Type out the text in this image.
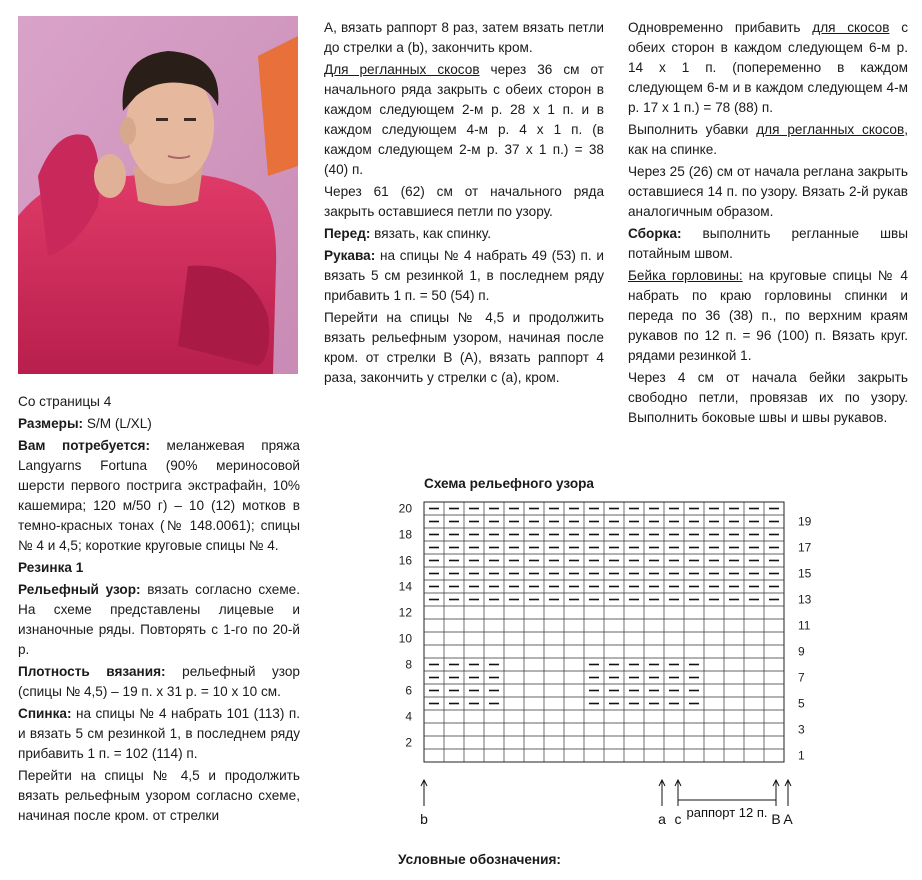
Со страницы 4

Размеры: S/M (L/XL)

Вам потребуется: меланжевая пряжа Langyarns Fortuna (90% мериносовой шерсти первого пострига экстрафайн, 10% кашемира; 120 м/50 г) – 10 (12) мотков в темно-красных тонах (№ 148.0061); спицы № 4 и 4,5; короткие круговые спицы № 4.

Резинка 1

Рельефный узор: вязать согласно схеме. На схеме представлены лицевые и изнаночные ряды. Повторять с 1-го по 20-й р.

Плотность вязания: рельефный узор (спицы № 4,5) – 19 п. х 31 р. = 10 х 10 см.

Спинка: на спицы № 4 набрать 101 (113) п. и вязать 5 см резинкой 1, в последнем ряду прибавить 1 п. = 102 (114) п.

Перейти на спицы № 4,5 и продолжить вязать рельефным узором согласно схеме, начиная после кром. от стрелки

А, вязать раппорт 8 раз, затем вязать петли до стрелки a (b), закончить кром.

Для регланных скосов через 36 см от начального ряда закрыть с обеих сторон в каждом следующем 2-м р. 28 х 1 п. и в каждом следующем 4-м р. 4 х 1 п. (в каждом следующем 2-м р. 37 х 1 п.) = 38 (40) п.

Через 61 (62) см от начального ряда закрыть оставшиеся петли по узору.

Перед: вязать, как спинку.

Рукава: на спицы № 4 набрать 49 (53) п. и вязать 5 см резинкой 1, в последнем ряду прибавить 1 п. = 50 (54) п.

Перейти на спицы № 4,5 и продолжить вязать рельефным узором, начиная после кром. от стрелки В (А), вязать раппорт 4 раза, закончить у стрелки с (а), кром.

Одновременно прибавить для скосов с обеих сторон в каждом следующем 6-м р. 14 х 1 п. (попеременно в каждом следующем 6-м и в каждом следующем 4-м р. 17 х 1 п.) = 78 (88) п.

Выполнить убавки для регланных скосов, как на спинке.

Через 25 (26) см от начала реглана закрыть оставшиеся 14 п. по узору. Вязать 2-й рукав аналогичным образом.

Сборка: выполнить регланные швы потайным швом.

Бейка горловины: на круговые спицы № 4 набрать по краю горловины спинки и переда по 36 (38) п., по верхним краям рукавов по 12 п. = 96 (100) п. Вязать круг. рядами резинкой 1.

Через 4 см от начала бейки закрыть свободно петли, провязав их по узору. Выполнить боковые швы и швы рукавов.

Схема рельефного узора
2
4
6
8
10
12
14
16
18
20
1
3
5
7
9
11
13
15
17
19
b	a c	B A
раппорт 12 п.
Условные обозначения:
